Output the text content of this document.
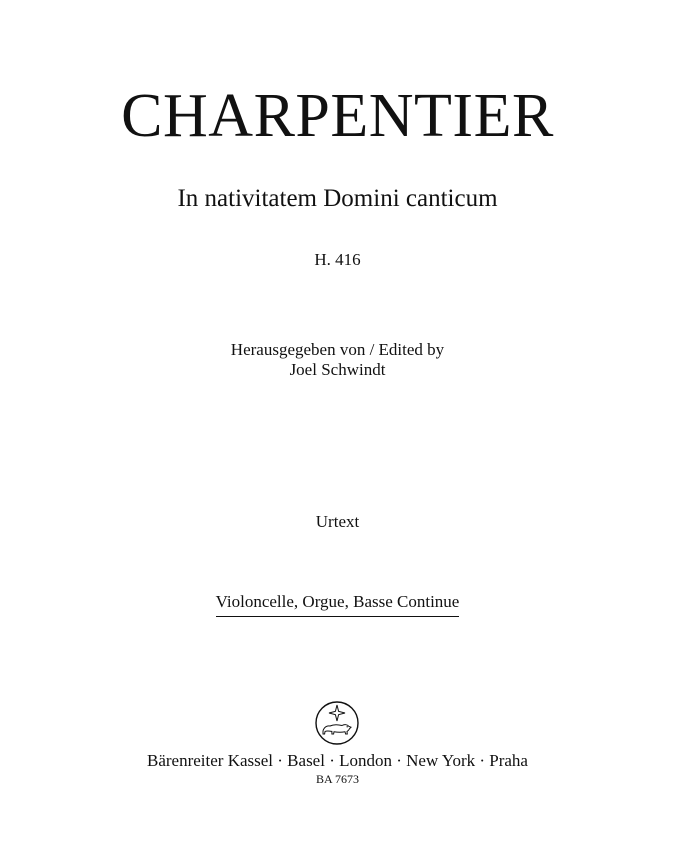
CHARPENTIER
In nativitatem Domini canticum
H. 416
Herausgegeben von / Edited by
Joel Schwindt
Urtext
Violoncelle, Orgue, Basse Continue
Bärenreiter Kassel · Basel · London · New York · Praha
BA 7673
